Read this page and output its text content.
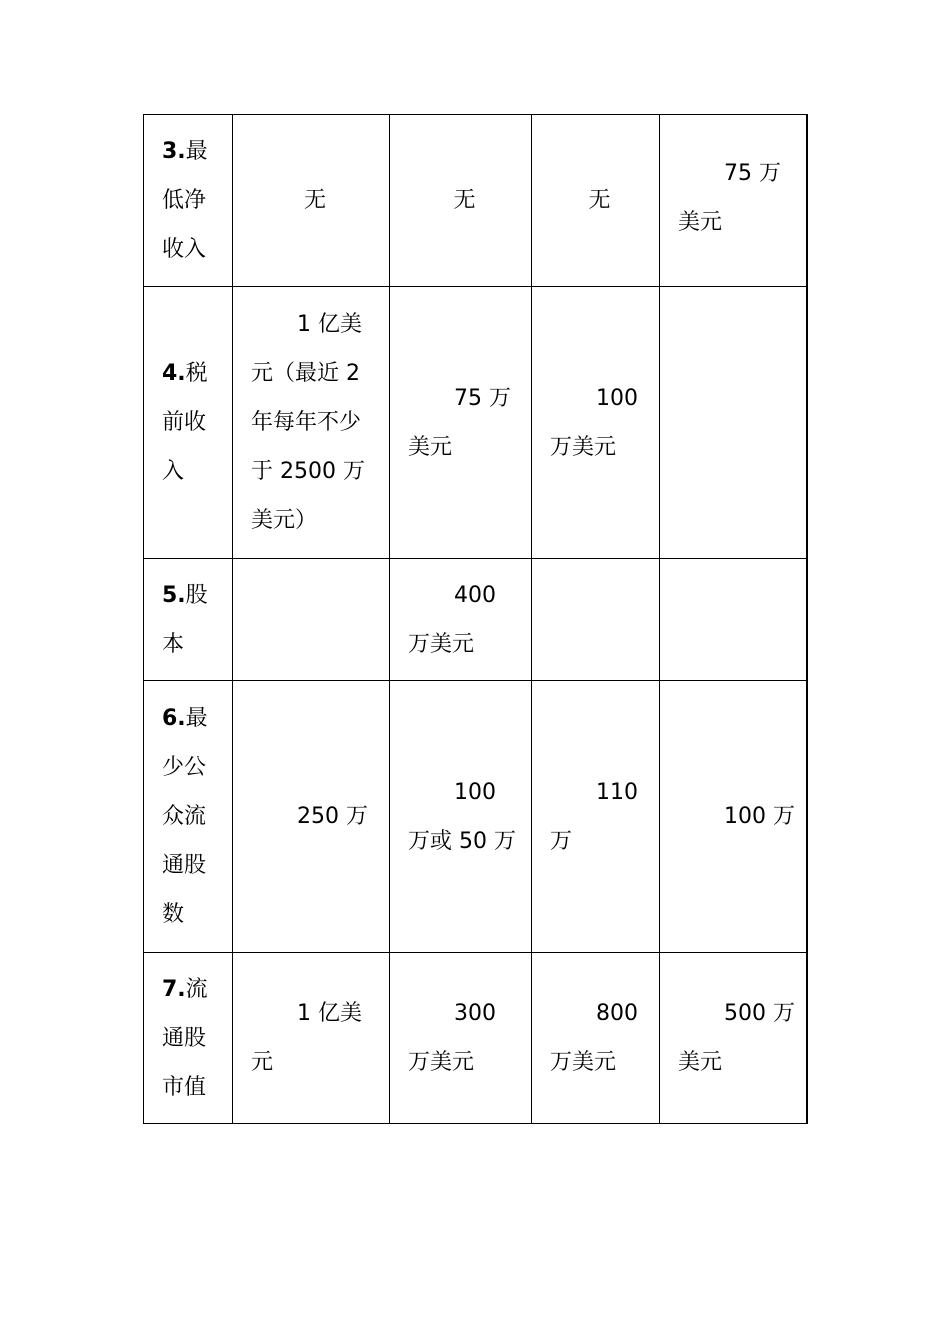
3.最低净收入	无	无	无	75 万美元
4.税前收入	1 亿美元（最近 2 年每年不少于 2500 万美元）	75 万美元	100 万美元	
5.股本		400 万美元		
6.最少公众流通股数	250 万	100 万或 50 万	110 万	100 万
7.流通股市值	1 亿美元	300 万美元	800 万美元	500 万美元
